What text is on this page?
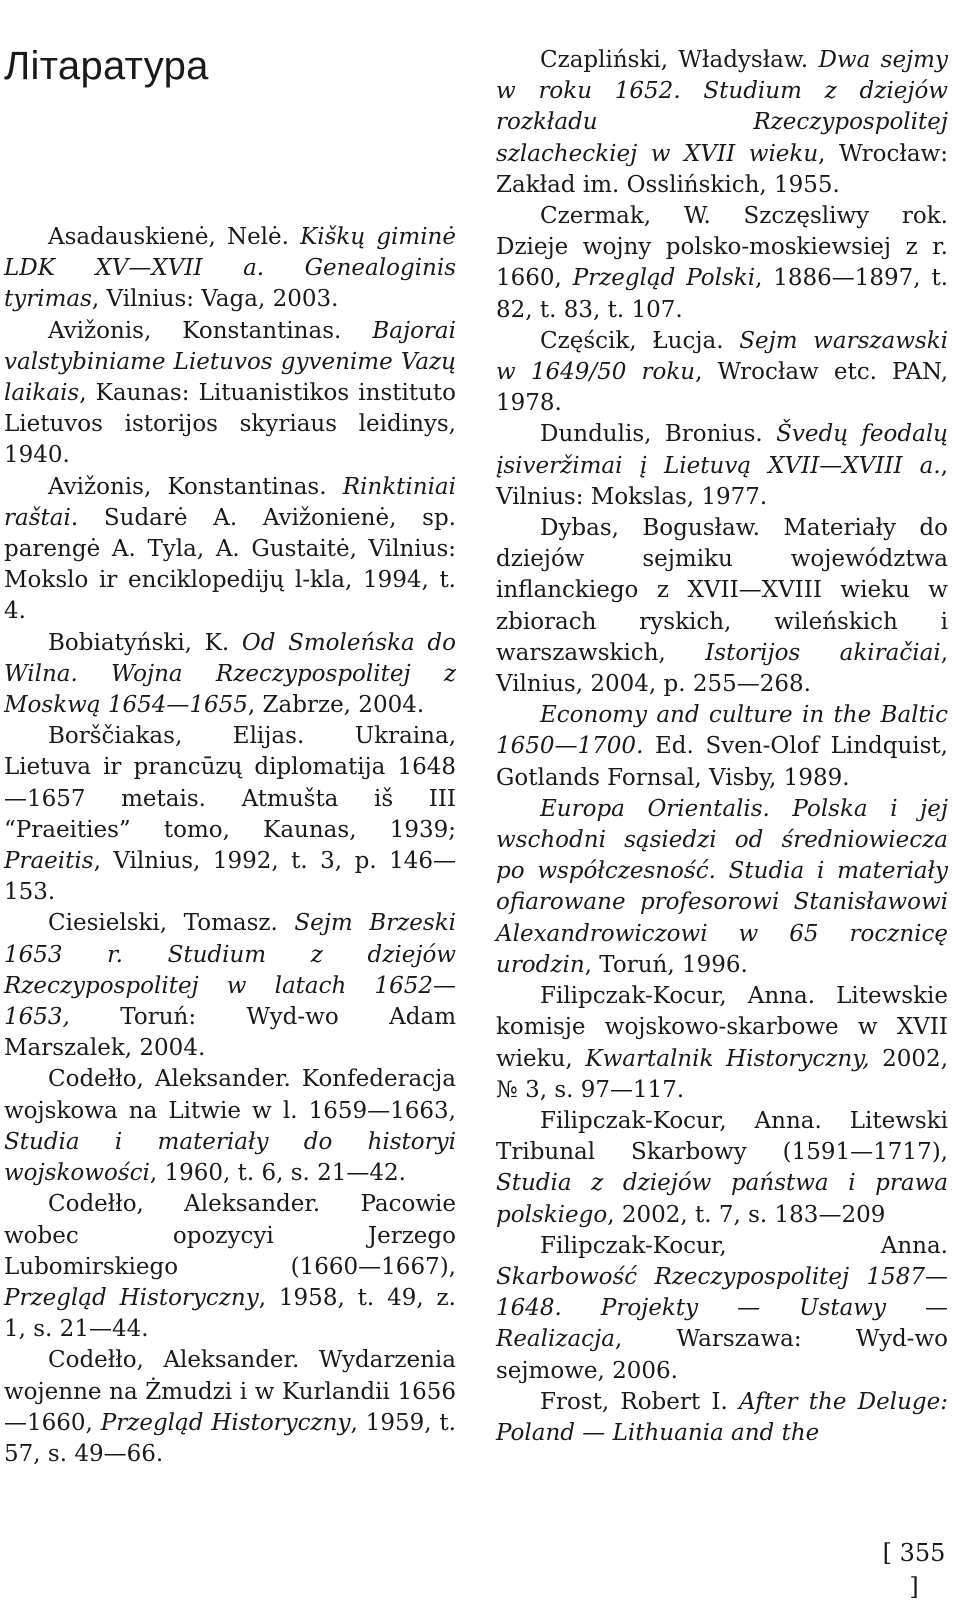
Літаратура

Asadauskienė, Nelė. Kiškų giminė LDK XV—XVII a. Genealoginis tyrimas, Vilnius: Vaga, 2003.

Avižonis, Konstantinas. Bajorai valstybiniame Lietuvos gyvenime Vazų laikais, Kaunas: Lituanistikos instituto Lietuvos istorijos skyriaus leidinys, 1940.

Avižonis, Konstantinas. Rinktiniai raštai. Sudarė A. Avižonienė, sp. parengė A. Tyla, A. Gustaitė, Vilnius: Mokslo ir enciklopedijų l-kla, 1994, t. 4.

Bobiatyński, K. Od Smoleńska do Wilna. Wojna Rzeczypospolitej z Moskwą 1654—1655, Zabrze, 2004.

Borščiakas, Elijas. Ukraina, Lietuva ir prancūzų diplomatija 1648—1657 metais. Atmušta iš III “Praeities” tomo, Kaunas, 1939; Praeitis, Vilnius, 1992, t. 3, p. 146—153.

Ciesielski, Tomasz. Sejm Brzeski 1653 r. Studium z dziejów Rzeczypospolitej w latach 1652—1653, Toruń: Wyd-wo Adam Marszalek, 2004.

Codełło, Aleksander. Konfederacja wojskowa na Litwie w l. 1659—1663, Studia i materiały do historyi wojskowości, 1960, t. 6, s. 21—42.

Codełło, Aleksander. Pacowie wobec opozycyi Jerzego Lubomirskiego (1660—1667), Przegląd Historyczny, 1958, t. 49, z. 1, s. 21—44.

Codełło, Aleksander. Wydarzenia wojenne na Żmudzi i w Kurlandii 1656—1660, Przegląd Historyczny, 1959, t. 57, s. 49—66.

Czapliński, Władysław. Dwa sejmy w roku 1652. Studium z dziejów rozkładu Rzeczypospolitej szlacheckiej w XVII wieku, Wrocław: Zakład im. Osslińskich, 1955.

Czermak, W. Szczęsliwy rok. Dzieje wojny polsko-moskiewsiej z r. 1660, Przegląd Polski, 1886—1897, t. 82, t. 83, t. 107.

Częścik, Łucja. Sejm warszawski w 1649/50 roku, Wrocław etc. PAN, 1978.

Dundulis, Bronius. Švedų feodalų įsiveržimai į Lietuvą XVII—XVIII a., Vilnius: Mokslas, 1977.

Dybas, Bogusław. Materiały do dziejów sejmiku województwa inflanckiego z XVII—XVIII wieku w zbiorach ryskich, wileńskich i warszawskich, Istorijos akiračiai, Vilnius, 2004, p. 255—268.

Economy and culture in the Baltic 1650—1700. Ed. Sven-Olof Lindquist, Gotlands Fornsal, Visby, 1989.

Europa Orientalis. Polska i jej wschodni sąsiedzi od średniowiecza po współczesność. Studia i materiały ofiarowane profesorowi Stanisławowi Alexandrowiczowi w 65 rocznicę urodzin, Toruń, 1996.

Filipczak-Kocur, Anna. Litewskie komisje wojskowo-skarbowe w XVII wieku, Kwartalnik Historyczny, 2002, № 3, s. 97—117.

Filipczak-Kocur, Anna. Litewski Tribunal Skarbowy (1591—1717), Studia z dziejów państwa i prawa polskiego, 2002, t. 7, s. 183—209

Filipczak-Kocur, Anna. Skarbowość Rzeczypospolitej 1587—1648. Projekty — Ustawy — Realizacja, Warszawa: Wyd-wo sejmowe, 2006.

Frost, Robert I. After the Deluge: Poland — Lithuania and the

[ 355 ]
